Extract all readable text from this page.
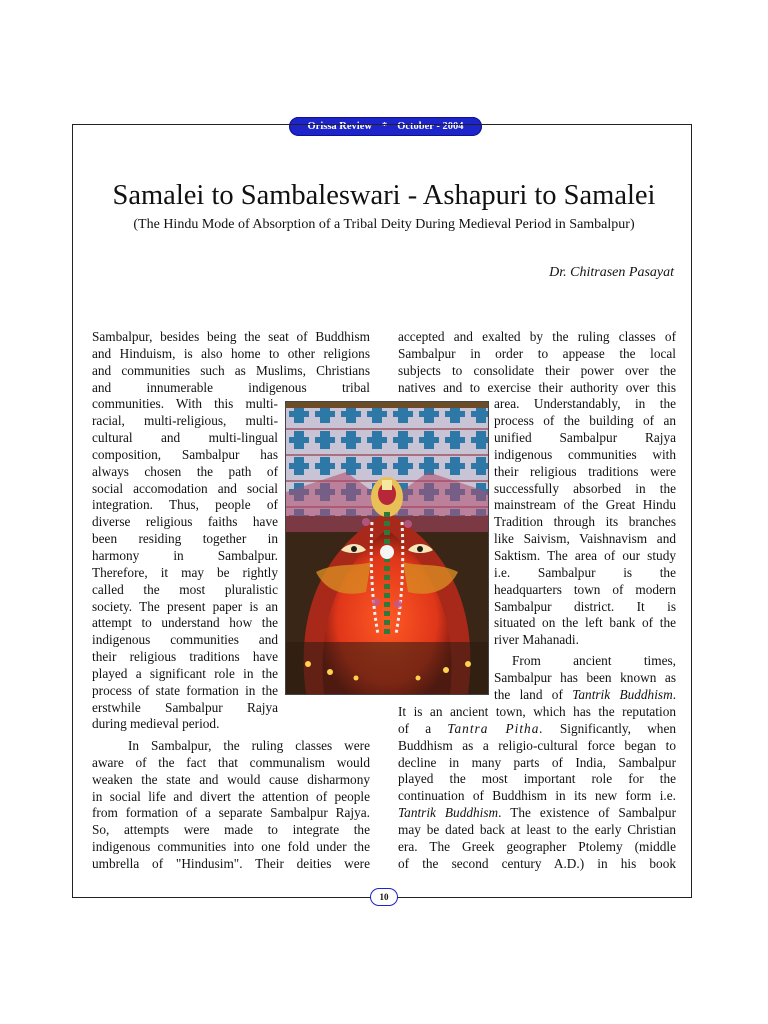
Orissa Review * October - 2004
Samalei to Sambaleswari - Ashapuri to Samalei
(The Hindu Mode of Absorption of a Tribal Deity During Medieval Period in Sambalpur)
Dr. Chitrasen Pasayat
Sambalpur, besides being the seat of Buddhism
and Hinduism, is also home to other religions
and communities such as Muslims, Christians
and innumerable indigenous tribal
communities. With this multi-
racial, multi-religious, multi-
cultural and multi-lingual
composition, Sambalpur has
always chosen the path of
social accomodation and social
integration. Thus, people of
diverse religious faiths have
been residing together in
harmony in Sambalpur.
Therefore, it may be rightly
called the most pluralistic
society. The present paper is an
attempt to understand how the
indigenous communities and
their religious traditions have
played a significant role in the
process of state formation in the
erstwhile Sambalpur Rajya
during medieval period.
In Sambalpur, the ruling classes were
aware of the fact that communalism would
weaken the state and would cause disharmony
in social life and divert the attention of people
from formation of a separate Sambalpur Rajya.
So, attempts were made to integrate the
indigenous communities into one fold under the
umbrella of "Hindusim". Their deities were
accepted and exalted by the ruling classes of
Sambalpur in order to appease the local
subjects to consolidate their power over the
natives and to exercise their authority over this
area. Understandably, in the
process of the building of an
unified Sambalpur Rajya
indigenous communities with
their religious traditions were
successfully absorbed in the
mainstream of the Great Hindu
Tradition through its branches
like Saivism, Vaishnavism and
Saktism. The area of our study
i.e. Sambalpur is the
headquarters town of modern
Sambalpur district. It is
situated on the left bank of the
river Mahanadi.
From ancient times,
Sambalpur has been known as
the land of Tantrik Buddhism.
It is an ancient town, which has the reputation
of a Tantra Pitha. Significantly, when
Buddhism as a religio-cultural force began to
decline in many parts of India, Sambalpur
played the most important role for the
continuation of Buddhism in its new form i.e.
Tantrik Buddhism. The existence of Sambalpur
may be dated back at least to the early Christian
era. The Greek geographer Ptolemy (middle
of the second century A.D.) in his book
10
